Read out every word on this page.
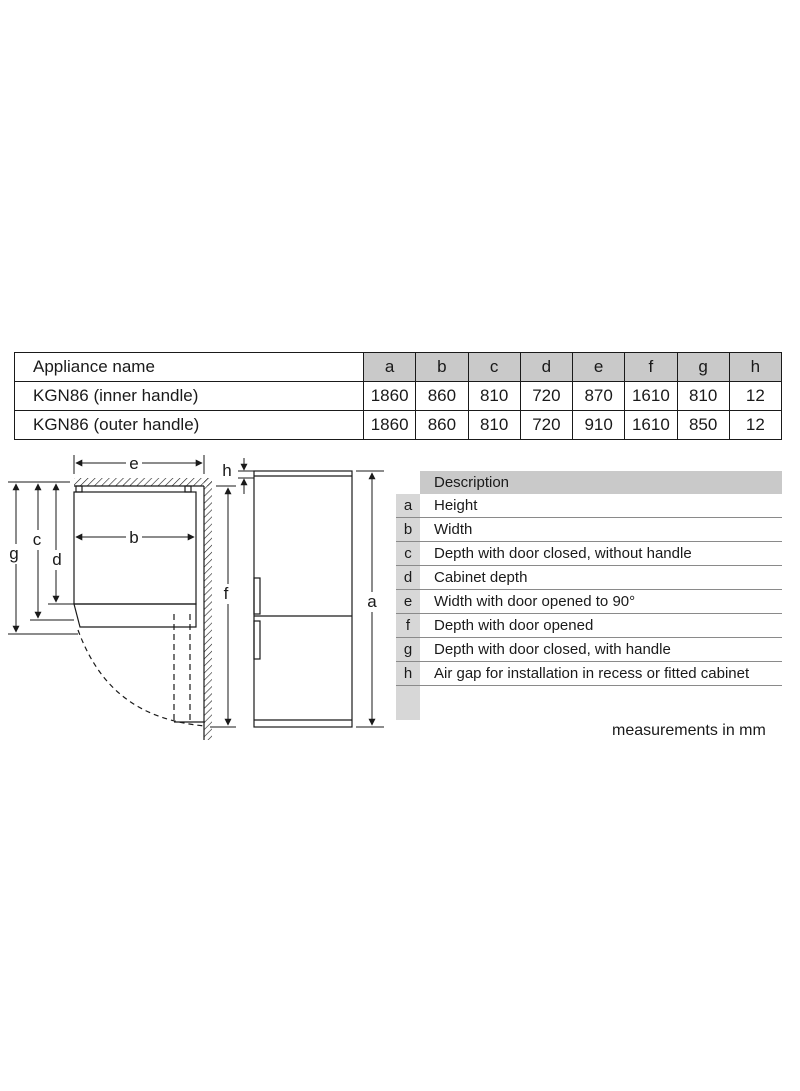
Appliance name	a	b	c	d	e	f	g	h
KGN86 (inner handle)	1860	860	810	720	870	1610	810	12
KGN86 (outer handle)	1860	860	810	720	910	1610	850	12
e
b
g
c
d
f
h
a
Description
a	Height
b	Width
c	Depth with door closed, without handle
d	Cabinet depth
e	Width with door opened to 90°
f	Depth with door opened
g	Depth with door closed, with handle
h	Air gap for installation in recess or fitted cabinet
measurements in mm
